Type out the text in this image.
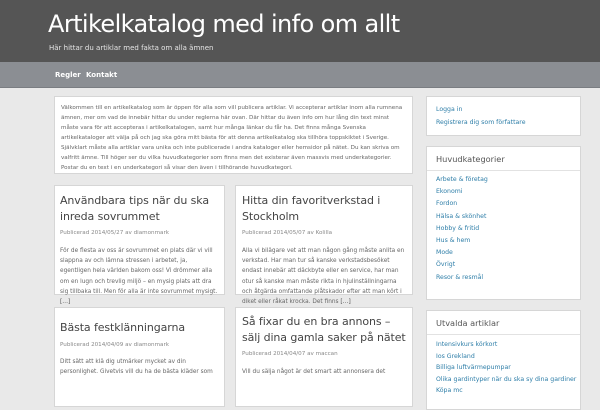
Artikelkatalog med info om allt
Här hittar du artiklar med fakta om alla ämnen
Regler Kontakt

Välkommen till en artikelkatalog som är öppen för alla som vill publicera artiklar. Vi accepterar artiklar inom alla rumnena ämnen, mer om vad de innebär hittar du under reglerna här ovan. Där hittar du även info om hur lång din text minst måste vara för att accepteras i artikelkatalogen, samt hur många länkar du får ha. Det finns många Svenska artikelkataloger att välja på och jag ska göra mitt bästa för att denna artikelkatalog ska tillhöra toppskiktet i Sverige. Självklart måste alla artiklar vara unika och inte publicerade i andra kataloger eller hemsidor på nätet. Du kan skriva om valfritt ämne. Till höger ser du vilka huvudkategorier som finns men det existerar även massvis med underkategorier. Postar du en text i en underkategori så visar den även i tillhörande huvudkategori.

Användbara tips när du ska inreda sovrummet
Publicerad 2014/05/27 av diamonmark
För de flesta av oss är sovrummet en plats där vi vill slappna av och lämna stressen i arbetet, ja, egentligen hela världen bakom oss! Vi drömmer alla om en lugn och trevlig miljö – en mysig plats att dra sig tillbaka till. Men för alla är inte sovrummet mysigt. […]
Hitta din favoritverkstad i Stockholm
Publicerad 2014/05/07 av Kolilla
Alla vi bilägare vet att man någon gång måste anlita en verkstad. Har man tur så kanske verkstadsbesöket endast innebär att däckbyte eller en service, har man otur så kanske man måste rikta in hjulinställningarna och åtgärda omfattande plåtskador efter att man kört i diket eller råkat krocka. Det finns […]
Bästa festklänningarna
Publicerad 2014/04/09 av diamonmark
Ditt sätt att klä dig utmärker mycket av din personlighet. Givetvis vill du ha de bästa kläder som
Så fixar du en bra annons – sälj dina gamla saker på nätet
Publicerad 2014/04/07 av maccan
Vill du sälja något är det smart att annonsera det
Logga in
Registrera dig som författare
Huvudkategorier
Arbete & företag
Ekonomi
Fordon
Hälsa & skönhet
Hobby & fritid
Hus & hem
Mode
Övrigt
Resor & resmål
Utvalda artiklar
Intensivkurs körkort
Ios Grekland
Billiga luftvärmepumpar
Olika gardintyper när du ska sy dina gardiner
Köpa mc
